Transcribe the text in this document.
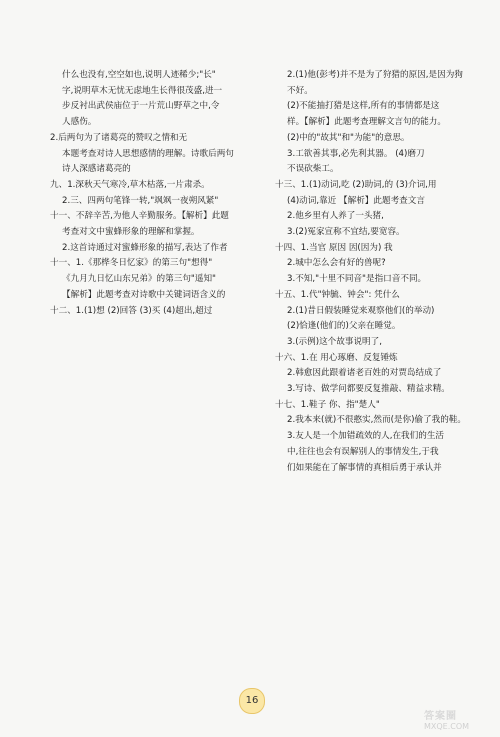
什么也没有,空空如也,说明人迹稀少;"长"

字,说明草木无忧无虑地生长得很茂盛,进一

步反衬出武侯庙位于一片荒山野草之中,令

人感伤。

2.后两句为了诸葛亮的赞叹之情和无

本题考查对诗人思想感情的理解。诗歌后两句

诗人深感诸葛亮的

九、1.深秋天气寒冷,草木枯落,一片肃杀。

2.三、四两句笔锋一转,"飒飒一夜朔风紧"

十一、不辞辛苦,为他人辛勤服务。【解析】此题

考查对文中蜜蜂形象的理解和掌握。

2.这首诗通过对蜜蜂形象的描写,表达了作者

十一、1.《那桦冬日忆家》的第三句"想得"

《九月九日忆山东兄弟》的第三句"遥知"

【解析】此题考查对诗歌中关键词语含义的

十二、1.(1)想 (2)回答 (3)买 (4)超出,超过

2.(1)他(彭考)并不是为了狩猎的原因,是因为狗

不好。

(2)不能抽打猎是这样,所有的事情都是这

样。【解析】此题考查理解文言句的能力。

(2)中的"故其"和"为能"的意思。

3.工欲善其事,必先利其器。 (4)磨刀

不误砍柴工。

十三、1.(1)动词,吃 (2)助词,的 (3)介词,用

(4)动词,靠近 【解析】此题考查文言

2.他乡里有人养了一头猪,

3.(2)冤家宣称不宜结,要宽容。

十四、1.当官 原因 因(因为) 我

2.城中怎么会有好的兽呢?

3.不知,"十里不同音"是指口音不同。

十五、1.代"钟毓、钟会": 凭什么

2.(1)昔日假装睡觉来观察他们(的举动)

(2)恰逢(他们的)父亲在睡觉。

3.(示例)这个故事说明了,

十六、1.在 用心琢磨、反复锤炼

2.韩愈因此跟着诸老百姓的对贾岛结成了

3.写诗、做学问都要反复推敲、精益求精。

十七、1.鞋子 你、指"楚人"

2.我本来(就)不很憨实,然而(是你)偷了我的鞋。

3.友人是一个加错疏效的人,在我们的生活

中,往往也会有误解别人的事情发生,于我

们如果能在了解事情的真相后勇于承认并

16
答案圈
MXQE.COM
